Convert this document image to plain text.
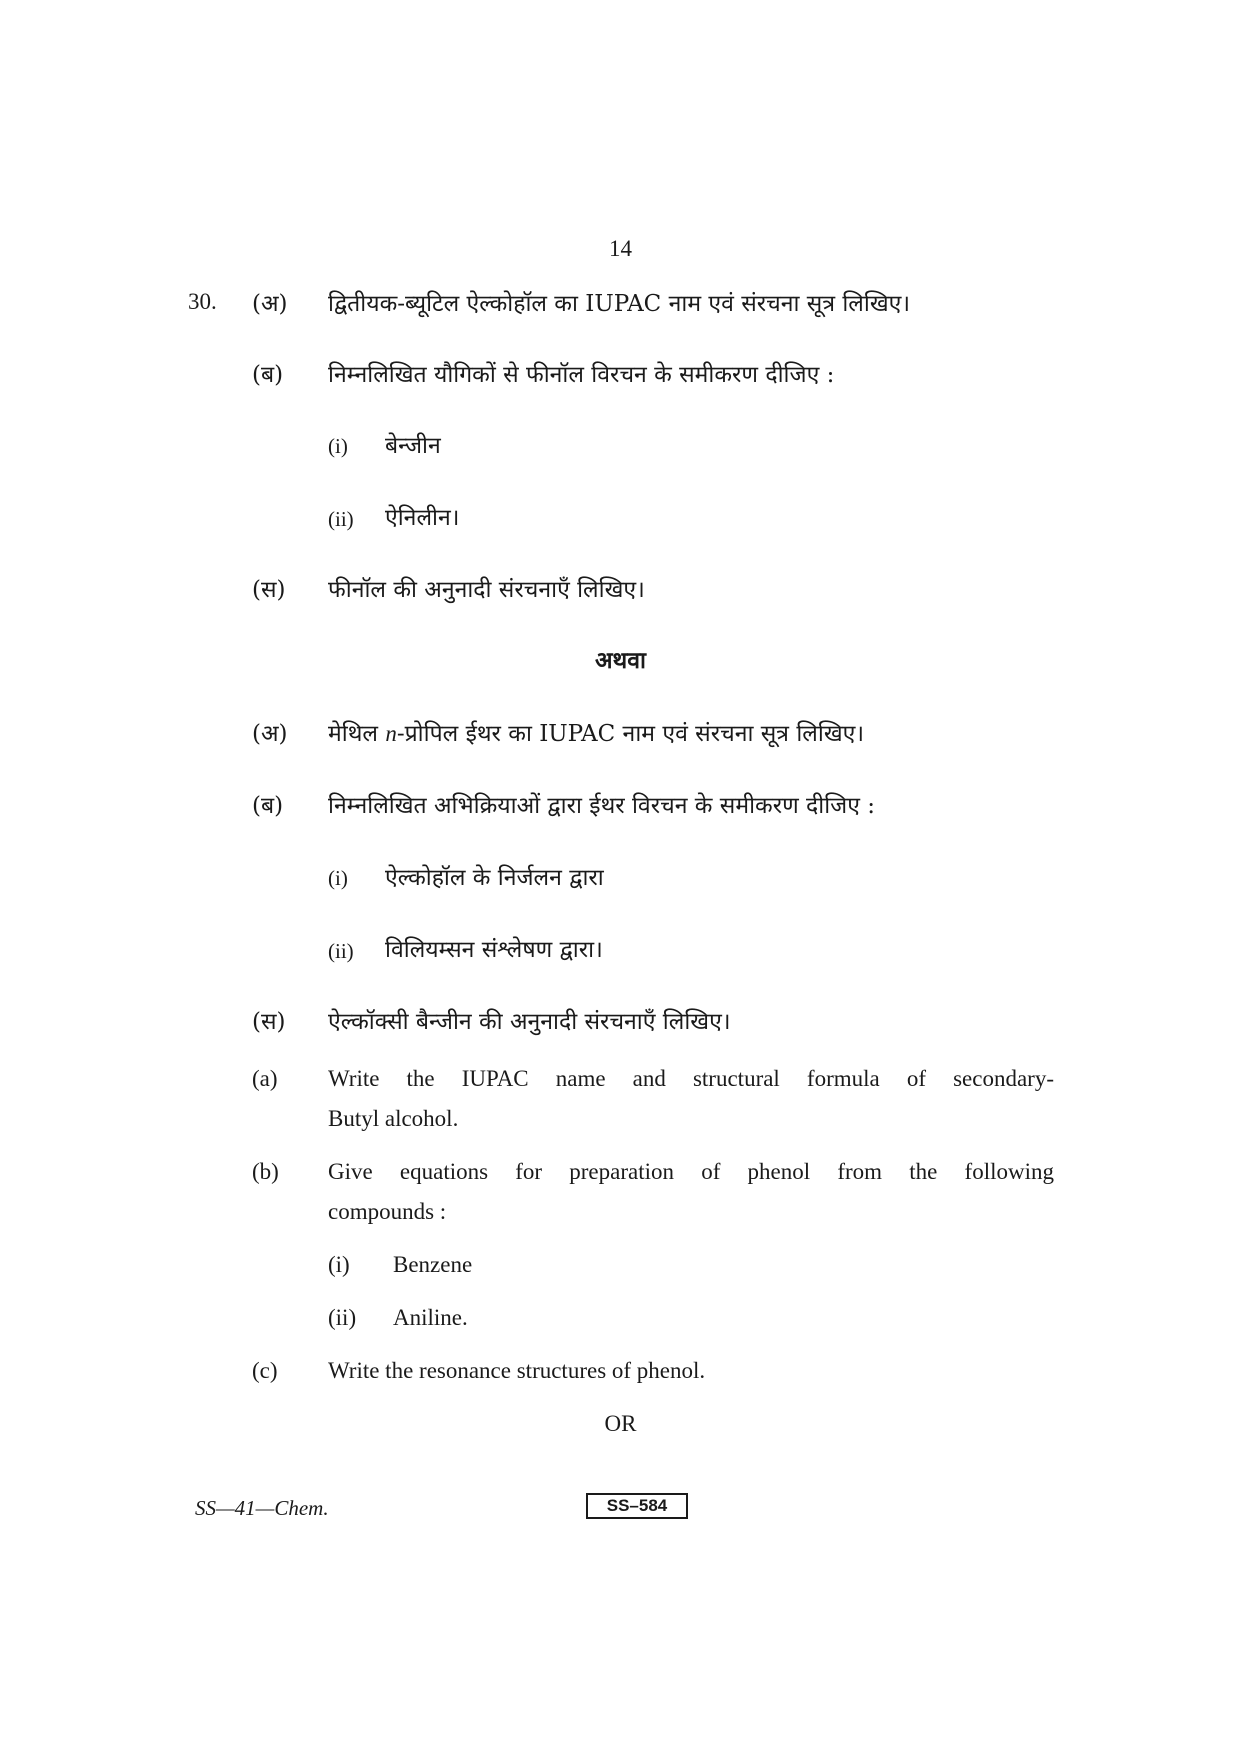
14
30. (अ) द्वितीयक-ब्यूटिल ऐल्कोहॉल का IUPAC नाम एवं संरचना सूत्र लिखिए।
(ब) निम्नलिखित यौगिकों से फीनॉल विरचन के समीकरण दीजिए :
(i) बेन्जीन
(ii) ऐनिलीन।
(स) फीनॉल की अनुनादी संरचनाएँ लिखिए।
अथवा
(अ) मेथिल n-प्रोपिल ईथर का IUPAC नाम एवं संरचना सूत्र लिखिए।
(ब) निम्नलिखित अभिक्रियाओं द्वारा ईथर विरचन के समीकरण दीजिए :
(i) ऐल्कोहॉल के निर्जलन द्वारा
(ii) विलियम्सन संश्लेषण द्वारा।
(स) ऐल्कॉक्सी बैन्जीन की अनुनादी संरचनाएँ लिखिए।
(a) Write the IUPAC name and structural formula of secondary-
Butyl alcohol.
(b) Give equations for preparation of phenol from the following
compounds :
(i) Benzene
(ii) Aniline.
(c) Write the resonance structures of phenol.
OR
SS—41—Chem.	SS–584
